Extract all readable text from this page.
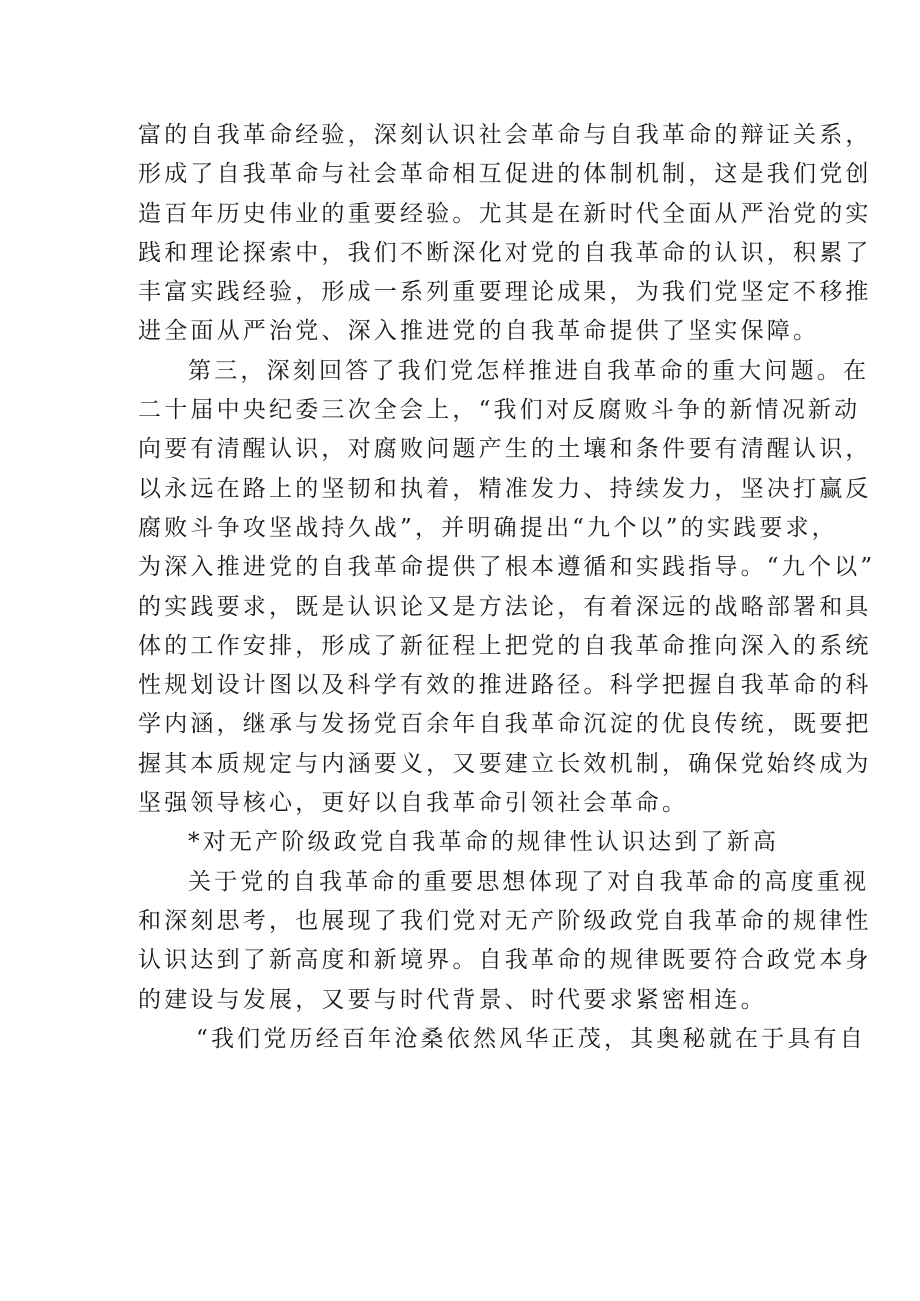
富的自我革命经验，深刻认识社会革命与自我革命的辩证关系，
形成了自我革命与社会革命相互促进的体制机制，这是我们党创
造百年历史伟业的重要经验。尤其是在新时代全面从严治党的实
践和理论探索中，我们不断深化对党的自我革命的认识，积累了
丰富实践经验，形成一系列重要理论成果，为我们党坚定不移推
进全面从严治党、深入推进党的自我革命提供了坚实保障。
第三，深刻回答了我们党怎样推进自我革命的重大问题。在
二十届中央纪委三次全会上，“我们对反腐败斗争的新情况新动
向要有清醒认识，对腐败问题产生的土壤和条件要有清醒认识，
以永远在路上的坚韧和执着，精准发力、持续发力，坚决打赢反
腐败斗争攻坚战持久战”，并明确提出“九个以”的实践要求，
为深入推进党的自我革命提供了根本遵循和实践指导。“九个以”
的实践要求，既是认识论又是方法论，有着深远的战略部署和具
体的工作安排，形成了新征程上把党的自我革命推向深入的系统
性规划设计图以及科学有效的推进路径。科学把握自我革命的科
学内涵，继承与发扬党百余年自我革命沉淀的优良传统，既要把
握其本质规定与内涵要义，又要建立长效机制，确保党始终成为
坚强领导核心，更好以自我革命引领社会革命。
*对无产阶级政党自我革命的规律性认识达到了新高
关于党的自我革命的重要思想体现了对自我革命的高度重视
和深刻思考，也展现了我们党对无产阶级政党自我革命的规律性
认识达到了新高度和新境界。自我革命的规律既要符合政党本身
的建设与发展，又要与时代背景、时代要求紧密相连。
“我们党历经百年沧桑依然风华正茂，其奥秘就在于具有自
